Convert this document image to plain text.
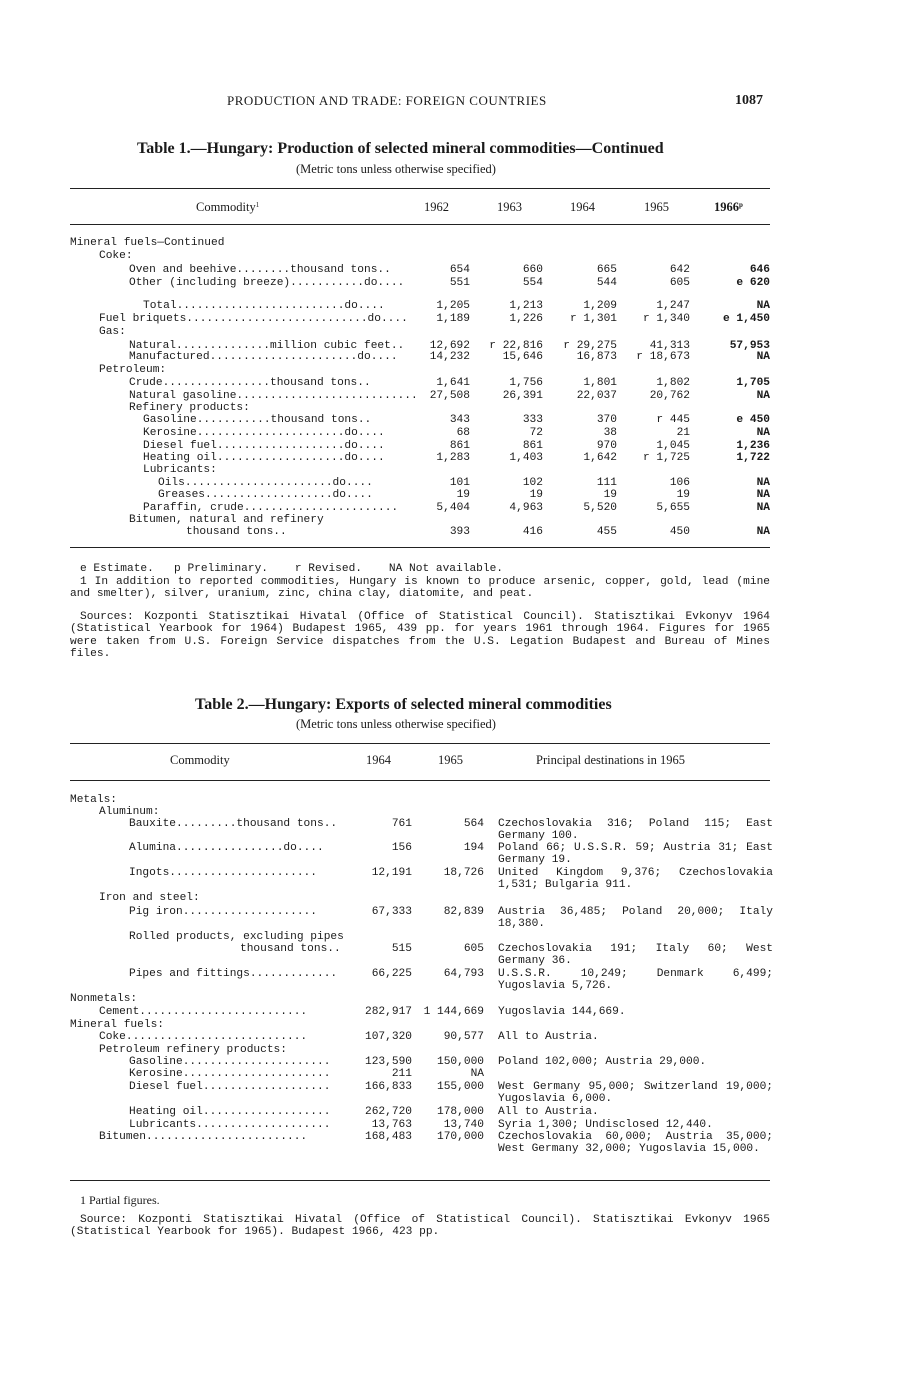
PRODUCTION AND TRADE: FOREIGN COUNTRIES	1087
Table 1.—Hungary: Production of selected mineral commodities—Continued
(Metric tons unless otherwise specified)
Commodity$^1$	1962	1963	1964	1965	1966$^p$
Mineral fuels—Continued
Coke:
Oven and beehive........thousand tons..	654	660	665	642	646
Other (including breeze)...........do....	551	554	544	605	e 620
Total.........................do....	1,205	1,213	1,209	1,247	NA
Fuel briquets...........................do....	1,189	1,226	r 1,301	r 1,340	e 1,450
Gas:
Natural..............million cubic feet..	12,692	r 22,816	r 29,275	41,313	57,953
Manufactured......................do....	14,232	15,646	16,873	r 18,673	NA
Petroleum:
Crude................thousand tons..	1,641	1,756	1,801	1,802	1,705
Natural gasoline...........................	27,508	26,391	22,037	20,762	NA
Refinery products:
Gasoline...........thousand tons..	343	333	370	r 445	e 450
Kerosine......................do....	68	72	38	21	NA
Diesel fuel...................do....	861	861	970	1,045	1,236
Heating oil...................do....	1,283	1,403	1,642	r 1,725	1,722
Lubricants:
Oils......................do....	101	102	111	106	NA
Greases...................do....	19	19	19	19	NA
Paraffin, crude.......................	5,404	4,963	5,520	5,655	NA
Bitumen, natural and refinery
thousand tons..	393	416	455	450	NA
e Estimate. p Preliminary. r Revised. NA Not available.
1 In addition to reported commodities, Hungary is known to produce arsenic, copper, gold, lead (mine and smelter), silver, uranium, zinc, china clay, diatomite, and peat.
Sources: Kozponti Statisztikai Hivatal (Office of Statistical Council). Statisztikai Evkonyv 1964 (Statistical Yearbook for 1964) Budapest 1965, 439 pp. for years 1961 through 1964. Figures for 1965 were taken from U.S. Foreign Service dispatches from the U.S. Legation Budapest and Bureau of Mines files.
Table 2.—Hungary: Exports of selected mineral commodities
(Metric tons unless otherwise specified)
Commodity	1964	1965	Principal destinations in 1965
Metals:
Aluminum:
Bauxite.........thousand tons..	761	564 Czechoslovakia 316; Poland 115; East Germany 100.
Alumina................do....	156	194 Poland 66; U.S.S.R. 59; Austria 31; East Germany 19.
Ingots......................	12,191	18,726 United Kingdom 9,376; Czechoslovakia 1,531; Bulgaria 911.
Iron and steel:
Pig iron....................	67,333	82,839 Austria 36,485; Poland 20,000; Italy 18,380.
Rolled products, excluding pipes
thousand tons..	515	605 Czechoslovakia 191; Italy 60; West Germany 36.
Pipes and fittings.............	66,225	64,793 U.S.S.R. 10,249; Denmark 6,499; Yugoslavia 5,726.
Nonmetals:
Cement.........................	282,917	1 144,669 Yugoslavia 144,669.
Mineral fuels:
Coke...........................	107,320	90,577 All to Austria.
Petroleum refinery products:
Gasoline......................	123,590	150,000 Poland 102,000; Austria 29,000.
Kerosine......................	211	NA
Diesel fuel...................	166,833	155,000 West Germany 95,000; Switzerland 19,000; Yugoslavia 6,000.
Heating oil...................	262,720	178,000 All to Austria.
Lubricants....................	13,763	13,740 Syria 1,300; Undisclosed 12,440.
Bitumen........................	168,483	170,000 Czechoslovakia 60,000; Austria 35,000; West Germany 32,000; Yugoslavia 15,000.
1 Partial figures.
Source: Kozponti Statisztikai Hivatal (Office of Statistical Council). Statisztikai Evkonyv 1965 (Statistical Yearbook for 1965). Budapest 1966, 423 pp.
